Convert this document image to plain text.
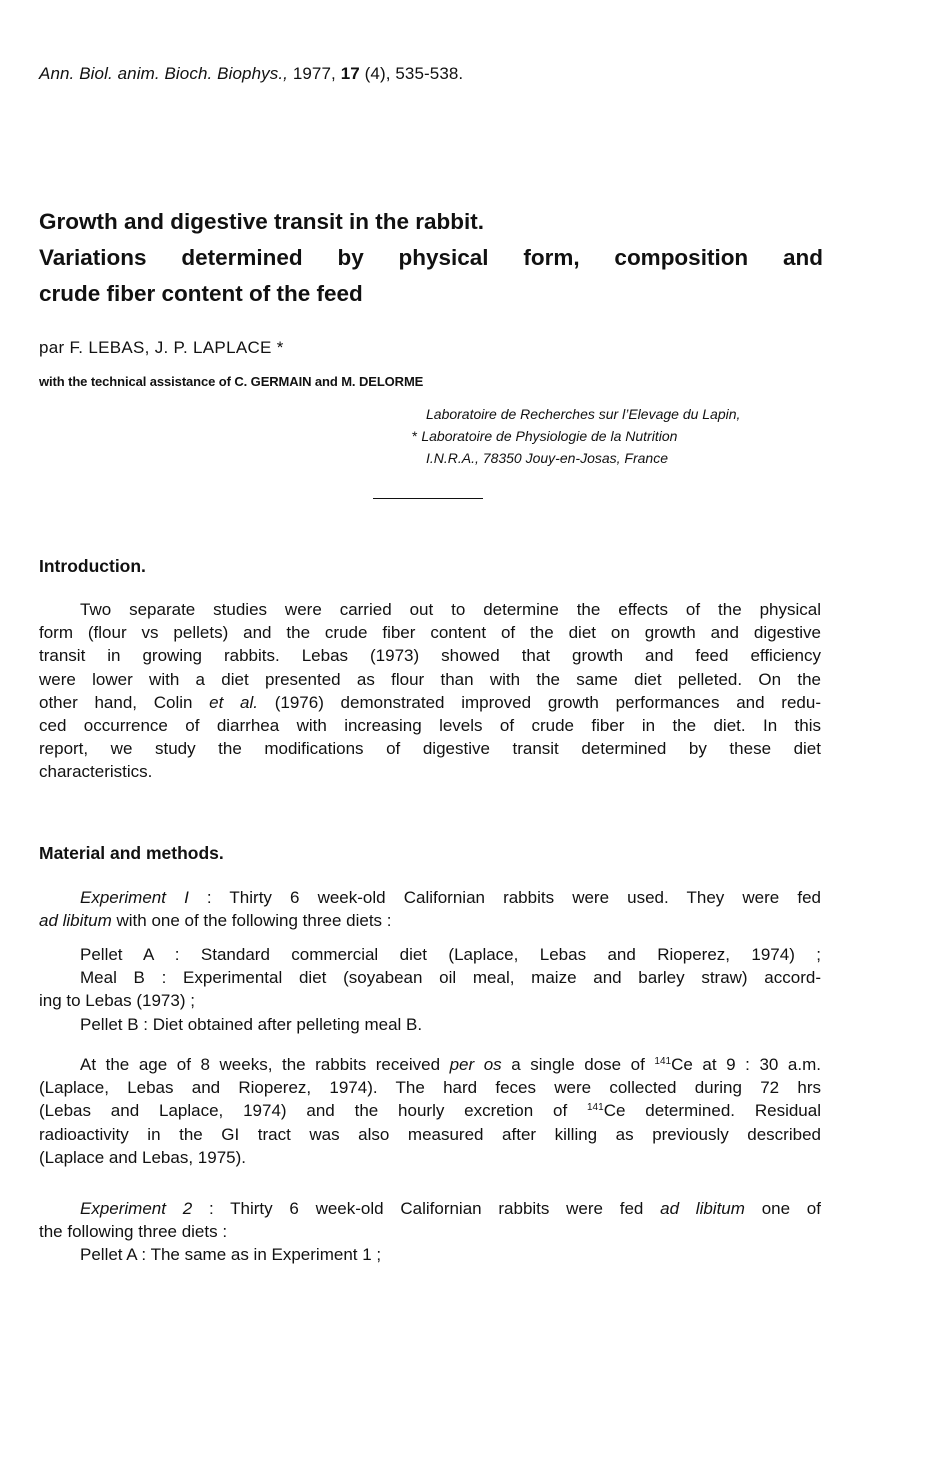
Ann. Biol. anim. Bioch. Biophys., 1977, 17 (4), 535-538.
Growth and digestive transit in the rabbit.
Variations determined by physical form, composition and
crude fiber content of the feed
par F. LEBAS, J. P. LAPLACE *
with the technical assistance of C. GERMAIN and M. DELORME
Laboratoire de Recherches sur l’Elevage du Lapin,
* Laboratoire de Physiologie de la Nutrition
I.N.R.A., 78350 Jouy-en-Josas, France
Introduction.
Two separate studies were carried out to determine the effects of the physical
form (flour vs pellets) and the crude fiber content of the diet on growth and digestive
transit in growing rabbits. Lebas (1973) showed that growth and feed efficiency
were lower with a diet presented as flour than with the same diet pelleted. On the
other hand, Colin et al. (1976) demonstrated improved growth performances and redu-
ced occurrence of diarrhea with increasing levels of crude fiber in the diet. In this
report, we study the modifications of digestive transit determined by these diet
characteristics.
Material and methods.
Experiment I : Thirty 6 week-old Californian rabbits were used. They were fed
ad libitum with one of the following three diets :
Pellet A : Standard commercial diet (Laplace, Lebas and Rioperez, 1974) ;
Meal B : Experimental diet (soyabean oil meal, maize and barley straw) accord-
ing to Lebas (1973) ;
Pellet B : Diet obtained after pelleting meal B.
At the age of 8 weeks, the rabbits received per os a single dose of $^{141}$Ce at 9 : 30 a.m.
(Laplace, Lebas and Rioperez, 1974). The hard feces were collected during 72 hrs
(Lebas and Laplace, 1974) and the hourly excretion of $^{141}$Ce determined. Residual
radioactivity in the GI tract was also measured after killing as previously described
(Laplace and Lebas, 1975).
Experiment 2 : Thirty 6 week-old Californian rabbits were fed ad libitum one of
the following three diets :
Pellet A : The same as in Experiment 1 ;
